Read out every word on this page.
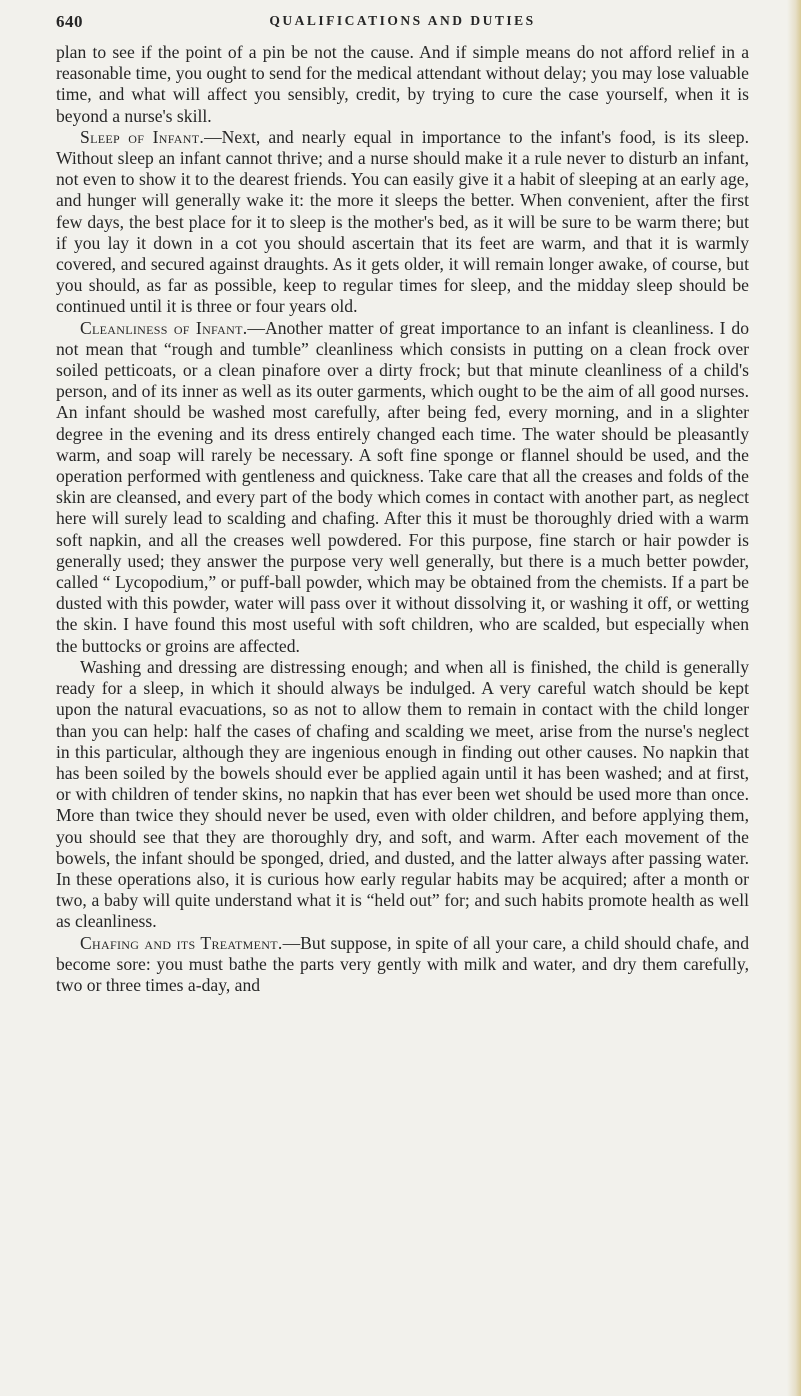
640	QUALIFICATIONS AND DUTIES

plan to see if the point of a pin be not the cause. And if simple means do not afford relief in a reasonable time, you ought to send for the medical attendant without delay; you may lose valuable time, and what will affect you sensibly, credit, by trying to cure the case yourself, when it is beyond a nurse's skill.

Sleep of Infant.—Next, and nearly equal in importance to the infant's food, is its sleep. Without sleep an infant cannot thrive; and a nurse should make it a rule never to disturb an infant, not even to show it to the dearest friends. You can easily give it a habit of sleeping at an early age, and hunger will generally wake it: the more it sleeps the better. When convenient, after the first few days, the best place for it to sleep is the mother's bed, as it will be sure to be warm there; but if you lay it down in a cot you should ascertain that its feet are warm, and that it is warmly covered, and secured against draughts. As it gets older, it will remain longer awake, of course, but you should, as far as possible, keep to regular times for sleep, and the midday sleep should be continued until it is three or four years old.

Cleanliness of Infant.—Another matter of great importance to an infant is cleanliness. I do not mean that “rough and tumble” cleanliness which consists in putting on a clean frock over soiled petticoats, or a clean pinafore over a dirty frock; but that minute cleanliness of a child's person, and of its inner as well as its outer garments, which ought to be the aim of all good nurses. An infant should be washed most carefully, after being fed, every morning, and in a slighter degree in the evening and its dress entirely changed each time. The water should be pleasantly warm, and soap will rarely be necessary. A soft fine sponge or flannel should be used, and the operation performed with gentleness and quickness. Take care that all the creases and folds of the skin are cleansed, and every part of the body which comes in contact with another part, as neglect here will surely lead to scalding and chafing. After this it must be thoroughly dried with a warm soft napkin, and all the creases well powdered. For this purpose, fine starch or hair powder is generally used; they answer the purpose very well generally, but there is a much better powder, called “ Lycopodium,” or puff-ball powder, which may be obtained from the chemists. If a part be dusted with this powder, water will pass over it without dissolving it, or washing it off, or wetting the skin. I have found this most useful with soft children, who are scalded, but especially when the buttocks or groins are affected.

Washing and dressing are distressing enough; and when all is finished, the child is generally ready for a sleep, in which it should always be indulged. A very careful watch should be kept upon the natural evacuations, so as not to allow them to remain in contact with the child longer than you can help: half the cases of chafing and scalding we meet, arise from the nurse's neglect in this particular, although they are ingenious enough in finding out other causes. No napkin that has been soiled by the bowels should ever be applied again until it has been washed; and at first, or with children of tender skins, no napkin that has ever been wet should be used more than once. More than twice they should never be used, even with older children, and before applying them, you should see that they are thoroughly dry, and soft, and warm. After each movement of the bowels, the infant should be sponged, dried, and dusted, and the latter always after passing water. In these operations also, it is curious how early regular habits may be acquired; after a month or two, a baby will quite understand what it is “held out” for; and such habits promote health as well as cleanliness.

Chafing and its Treatment.—But suppose, in spite of all your care, a child should chafe, and become sore: you must bathe the parts very gently with milk and water, and dry them carefully, two or three times a-day, and
